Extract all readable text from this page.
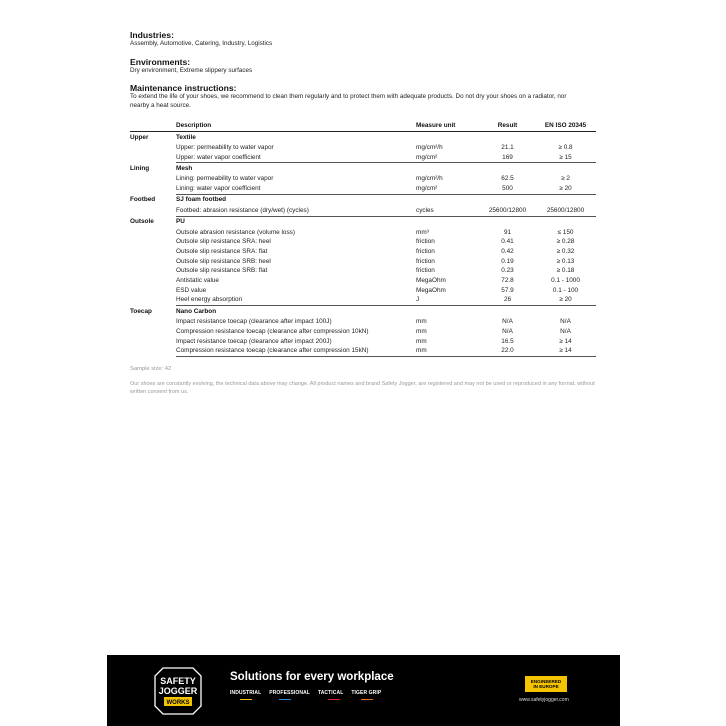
Industries:
Assembly, Automotive, Catering, Industry, Logistics
Environments:
Dry environment, Extreme slippery surfaces
Maintenance instructions:
To extend the life of your shoes, we recommend to clean them regularly and to protect them with adequate products. Do not dry your shoes on a radiator, nor nearby a heat source.
	Description	Measure unit	Result	EN ISO 20345
Upper	Textile			
	Upper: permeability to water vapor	mg/cm²/h	21.1	≥ 0.8
	Upper: water vapor coefficient	mg/cm²	169	≥ 15
Lining	Mesh			
	Lining: permeability to water vapor	mg/cm²/h	62.5	≥ 2
	Lining: water vapor coefficient	mg/cm²	500	≥ 20
Footbed	SJ foam footbed			
	Footbed: abrasion resistance (dry/wet) (cycles)	cycles	25600/12800	25600/12800
Outsole	PU			
	Outsole abrasion resistance (volume loss)	mm³	91	≤ 150
	Outsole slip resistance SRA: heel	friction	0.41	≥ 0.28
	Outsole slip resistance SRA: flat	friction	0.42	≥ 0.32
	Outsole slip resistance SRB: heel	friction	0.19	≥ 0.13
	Outsole slip resistance SRB: flat	friction	0.23	≥ 0.18
	Antistatic value	MegaOhm	72.8	0.1 - 1000
	ESD value	MegaOhm	57.9	0.1 - 100
	Heel energy absorption	J	26	≥ 20
Toecap	Nano Carbon			
	Impact resistance toecap (clearance after impact 100J)	mm	N/A	N/A
	Compression resistance toecap (clearance after compression 10kN)	mm	N/A	N/A
	Impact resistance toecap (clearance after impact 200J)	mm	16.5	≥ 14
	Compression resistance toecap (clearance after compression 15kN)	mm	22.0	≥ 14
Sample size: 42
Our shoes are constantly evolving, the technical data above may change. All product names and brand Safety Jogger, are registered and may not be used or reproduced in any format, without written consent from us.
SAFETY
JOGGER
WORKS
Solutions for every workplace
INDUSTRIAL PROFESSIONAL TACTICAL TIGER GRIP
ENGINEERED
IN EUROPE
www.safetyjogger.com
